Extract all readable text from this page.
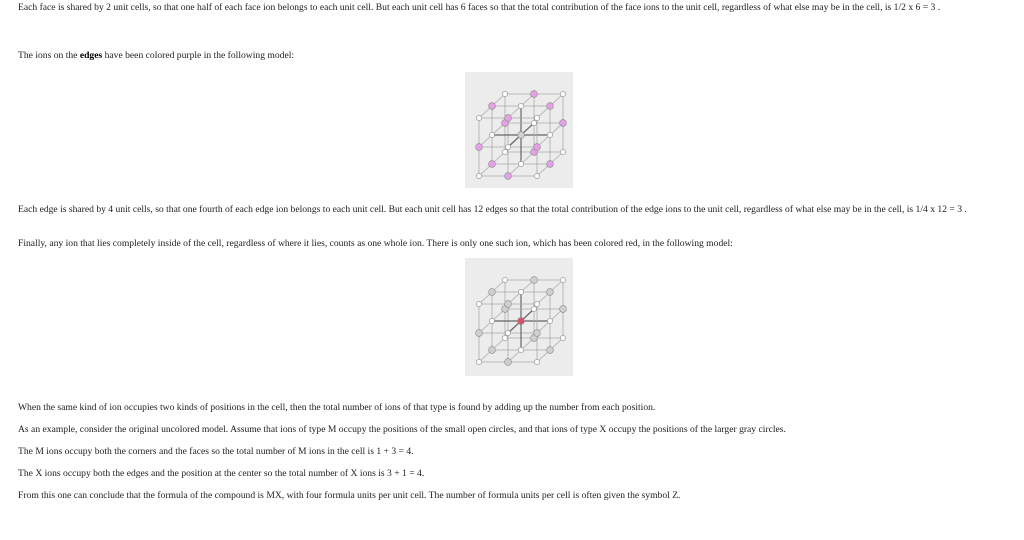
Each face is shared by 2 unit cells, so that one half of each face ion belongs to each unit cell. But each unit cell has 6 faces so that the total contribution of the face ions to the unit cell, regardless of what else may be in the cell, is 1/2 x 6 = 3 .

The ions on the edges have been colored purple in the following model:

Each edge is shared by 4 unit cells, so that one fourth of each edge ion belongs to each unit cell. But each unit cell has 12 edges so that the total contribution of the edge ions to the unit cell, regardless of what else may be in the cell, is 1/4 x 12 = 3 .

Finally, any ion that lies completely inside of the cell, regardless of where it lies, counts as one whole ion. There is only one such ion, which has been colored red, in the following model:

When the same kind of ion occupies two kinds of positions in the cell, then the total number of ions of that type is found by adding up the number from each position.

As an example, consider the original uncolored model. Assume that ions of type M occupy the positions of the small open circles, and that ions of type X occupy the positions of the larger gray circles.

The M ions occupy both the corners and the faces so the total number of M ions in the cell is 1 + 3 = 4.

The X ions occupy both the edges and the position at the center so the total number of X ions is 3 + 1 = 4.

From this one can conclude that the formula of the compound is MX, with four formula units per unit cell. The number of formula units per cell is often given the symbol Z.
